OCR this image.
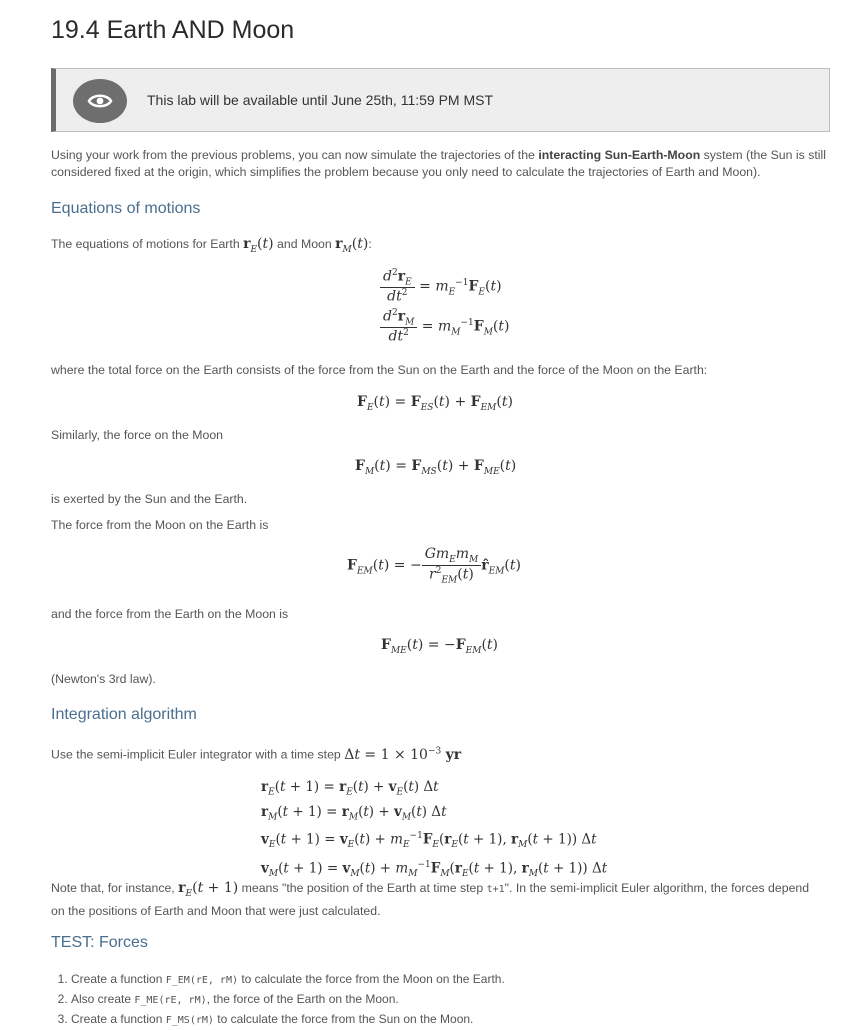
19.4 Earth AND Moon
This lab will be available until June 25th, 11:59 PM MST
Using your work from the previous problems, you can now simulate the trajectories of the interacting Sun-Earth-Moon system (the Sun is still considered fixed at the origin, which simplifies the problem because you only need to calculate the trajectories of Earth and Moon).
Equations of motions
The equations of motions for Earth $r_E(t)$ and Moon $r_M(t)$:
$\frac{d^2r_E}{dt^2} = m_E^{-1}F_E(t)$
$\frac{d^2r_M}{dt^2} = m_M^{-1}F_M(t)$
where the total force on the Earth consists of the force from the Sun on the Earth and the force of the Moon on the Earth:
$F_E(t) = F_{ES}(t) + F_{EM}(t)$
Similarly, the force on the Moon
$F_M(t) = F_{MS}(t) + F_{ME}(t)$
is exerted by the Sun and the Earth.
The force from the Moon on the Earth is
$F_{EM}(t)$ = − $\frac{Gm_Em_M}{r^2_{EM}(t)}$ $r̂_{EM}(t)$
and the force from the Earth on the Moon is
$F_{ME}(t) = -F_{EM}(t)$
(Newton's 3rd law).
Integration algorithm
Use the semi-implicit Euler integrator with a time step $\Delta t = 1 \times 10^{-3}$ yr
$r_E(t + 1) = r_E(t) + v_E(t)$ Δt
$r_M(t + 1) = r_M(t) + v_M(t)$ Δt
$v_E(t + 1) = v_E(t) + m_E^{-1}F_E(r_E(t + 1)$, $r_M(t + 1)$) Δt
$v_M(t + 1) = v_M(t) + m_M^{-1}F_M(r_E(t + 1)$, $r_M(t + 1)$) Δt
Note that, for instance, $r_E(t + 1)$ means "the position of the Earth at time step t+1". In the semi-implicit Euler algorithm, the forces depend on the positions of Earth and Moon that were just calculated.
TEST: Forces
1. Create a function F_EM(rE, rM) to calculate the force from the Moon on the Earth.
2. Also create F_ME(rE, rM), the force of the Earth on the Moon.
3. Create a function F_MS(rM) to calculate the force from the Sun on the Moon.
